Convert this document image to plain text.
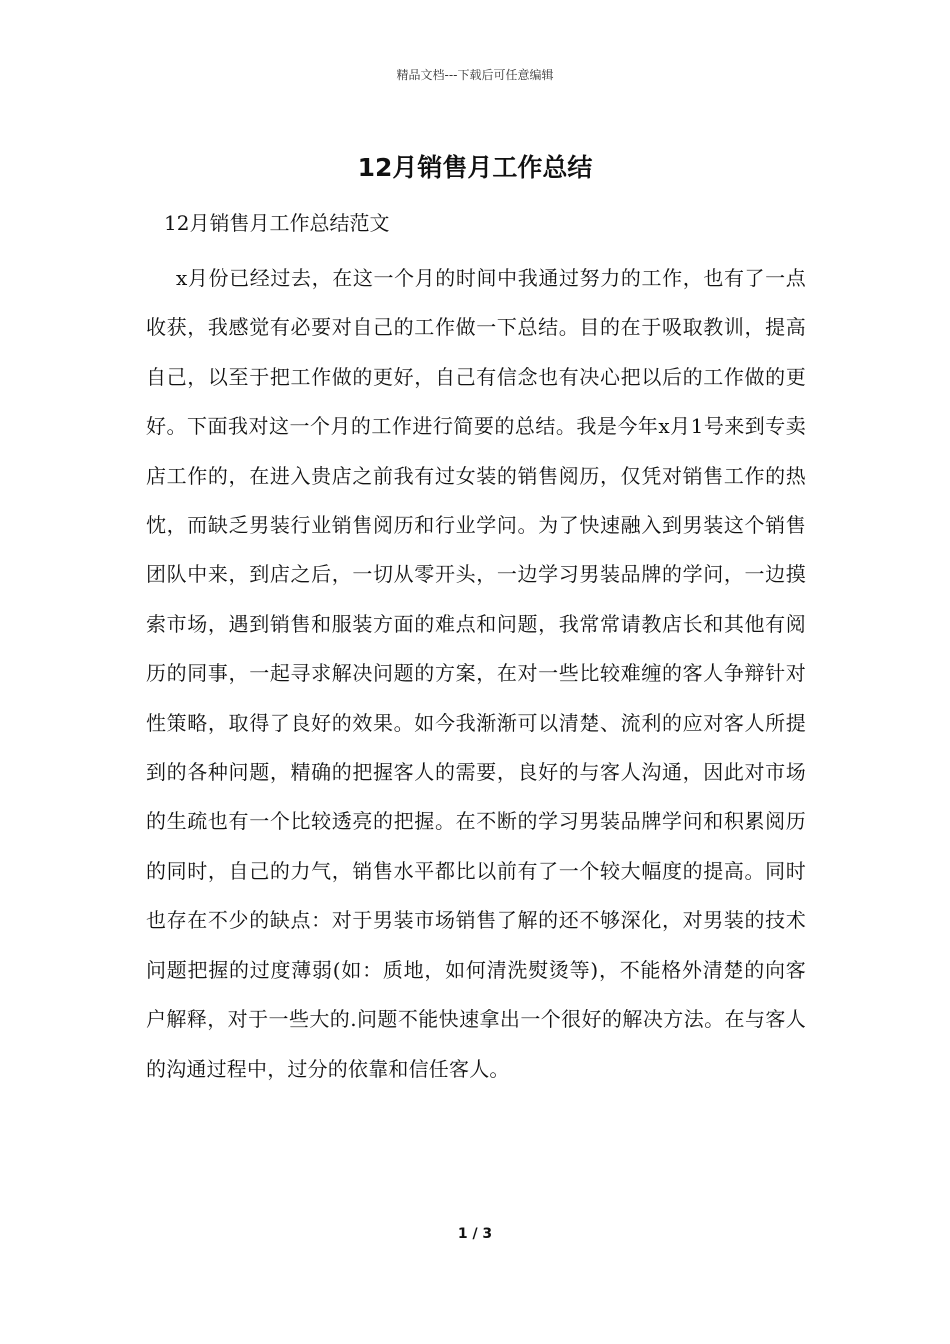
精品文档---下载后可任意编辑
12月销售月工作总结

12月销售月工作总结范文

x月份已经过去，在这一个月的时间中我通过努力的工作，也有了一点收获，我感觉有必要对自己的工作做一下总结。目的在于吸取教训，提高自己，以至于把工作做的更好，自己有信念也有决心把以后的工作做的更好。下面我对这一个月的工作进行简要的总结。我是今年x月1号来到专卖店工作的，在进入贵店之前我有过女装的销售阅历，仅凭对销售工作的热忱，而缺乏男装行业销售阅历和行业学问。为了快速融入到男装这个销售团队中来，到店之后，一切从零开头，一边学习男装品牌的学问，一边摸索市场，遇到销售和服装方面的难点和问题，我常常请教店长和其他有阅历的同事，一起寻求解决问题的方案，在对一些比较难缠的客人争辩针对性策略，取得了良好的效果。如今我渐渐可以清楚、流利的应对客人所提到的各种问题，精确的把握客人的需要，良好的与客人沟通，因此对市场的生疏也有一个比较透亮的把握。在不断的学习男装品牌学问和积累阅历的同时，自己的力气，销售水平都比以前有了一个较大幅度的提高。同时也存在不少的缺点：对于男装市场销售了解的还不够深化，对男装的技术问题把握的过度薄弱(如：质地，如何清洗熨烫等)，不能格外清楚的向客户解释，对于一些大的.问题不能快速拿出一个很好的解决方法。在与客人的沟通过程中，过分的依靠和信任客人。

1 / 3
